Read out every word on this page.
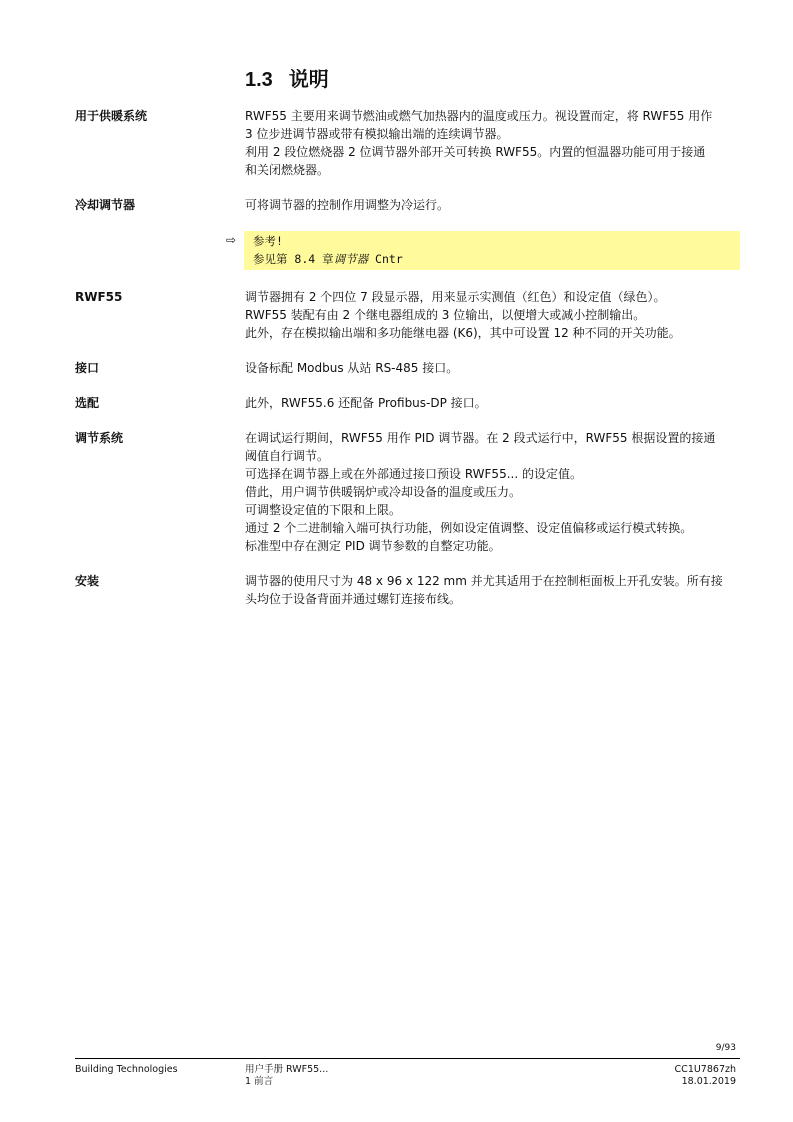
1.3 说明
用于供暖系统	RWF55 主要用来调节燃油或燃气加热器内的温度或压力。视设置而定，将 RWF55 用作
3 位步进调节器或带有模拟输出端的连续调节器。
利用 2 段位燃烧器 2 位调节器外部开关可转换 RWF55。内置的恒温器功能可用于接通
和关闭燃烧器。
冷却调节器	可将调节器的控制作用调整为冷运行。
⇨ 参考!
参见第 8.4 章调节器 Cntr
RWF55	调节器拥有 2 个四位 7 段显示器，用来显示实测值（红色）和设定值（绿色）。
RWF55 装配有由 2 个继电器组成的 3 位输出，以便增大或减小控制输出。
此外，存在模拟输出端和多功能继电器 (K6)，其中可设置 12 种不同的开关功能。
接口	设备标配 Modbus 从站 RS-485 接口。
选配	此外，RWF55.6 还配备 Profibus-DP 接口。
调节系统	在调试运行期间，RWF55 用作 PID 调节器。在 2 段式运行中，RWF55 根据设置的接通
阈值自行调节。
可选择在调节器上或在外部通过接口预设 RWF55... 的设定值。
借此，用户调节供暖锅炉或冷却设备的温度或压力。
可调整设定值的下限和上限。
通过 2 个二进制输入端可执行功能，例如设定值调整、设定值偏移或运行模式转换。
标准型中存在测定 PID 调节参数的自整定功能。
安装	调节器的使用尺寸为 48 x 96 x 122 mm 并尤其适用于在控制柜面板上开孔安装。所有接
头均位于设备背面并通过螺钉连接布线。
9/93
Building Technologies	用户手册 RWF55...
1 前言
CC1U7867zh
18.01.2019
